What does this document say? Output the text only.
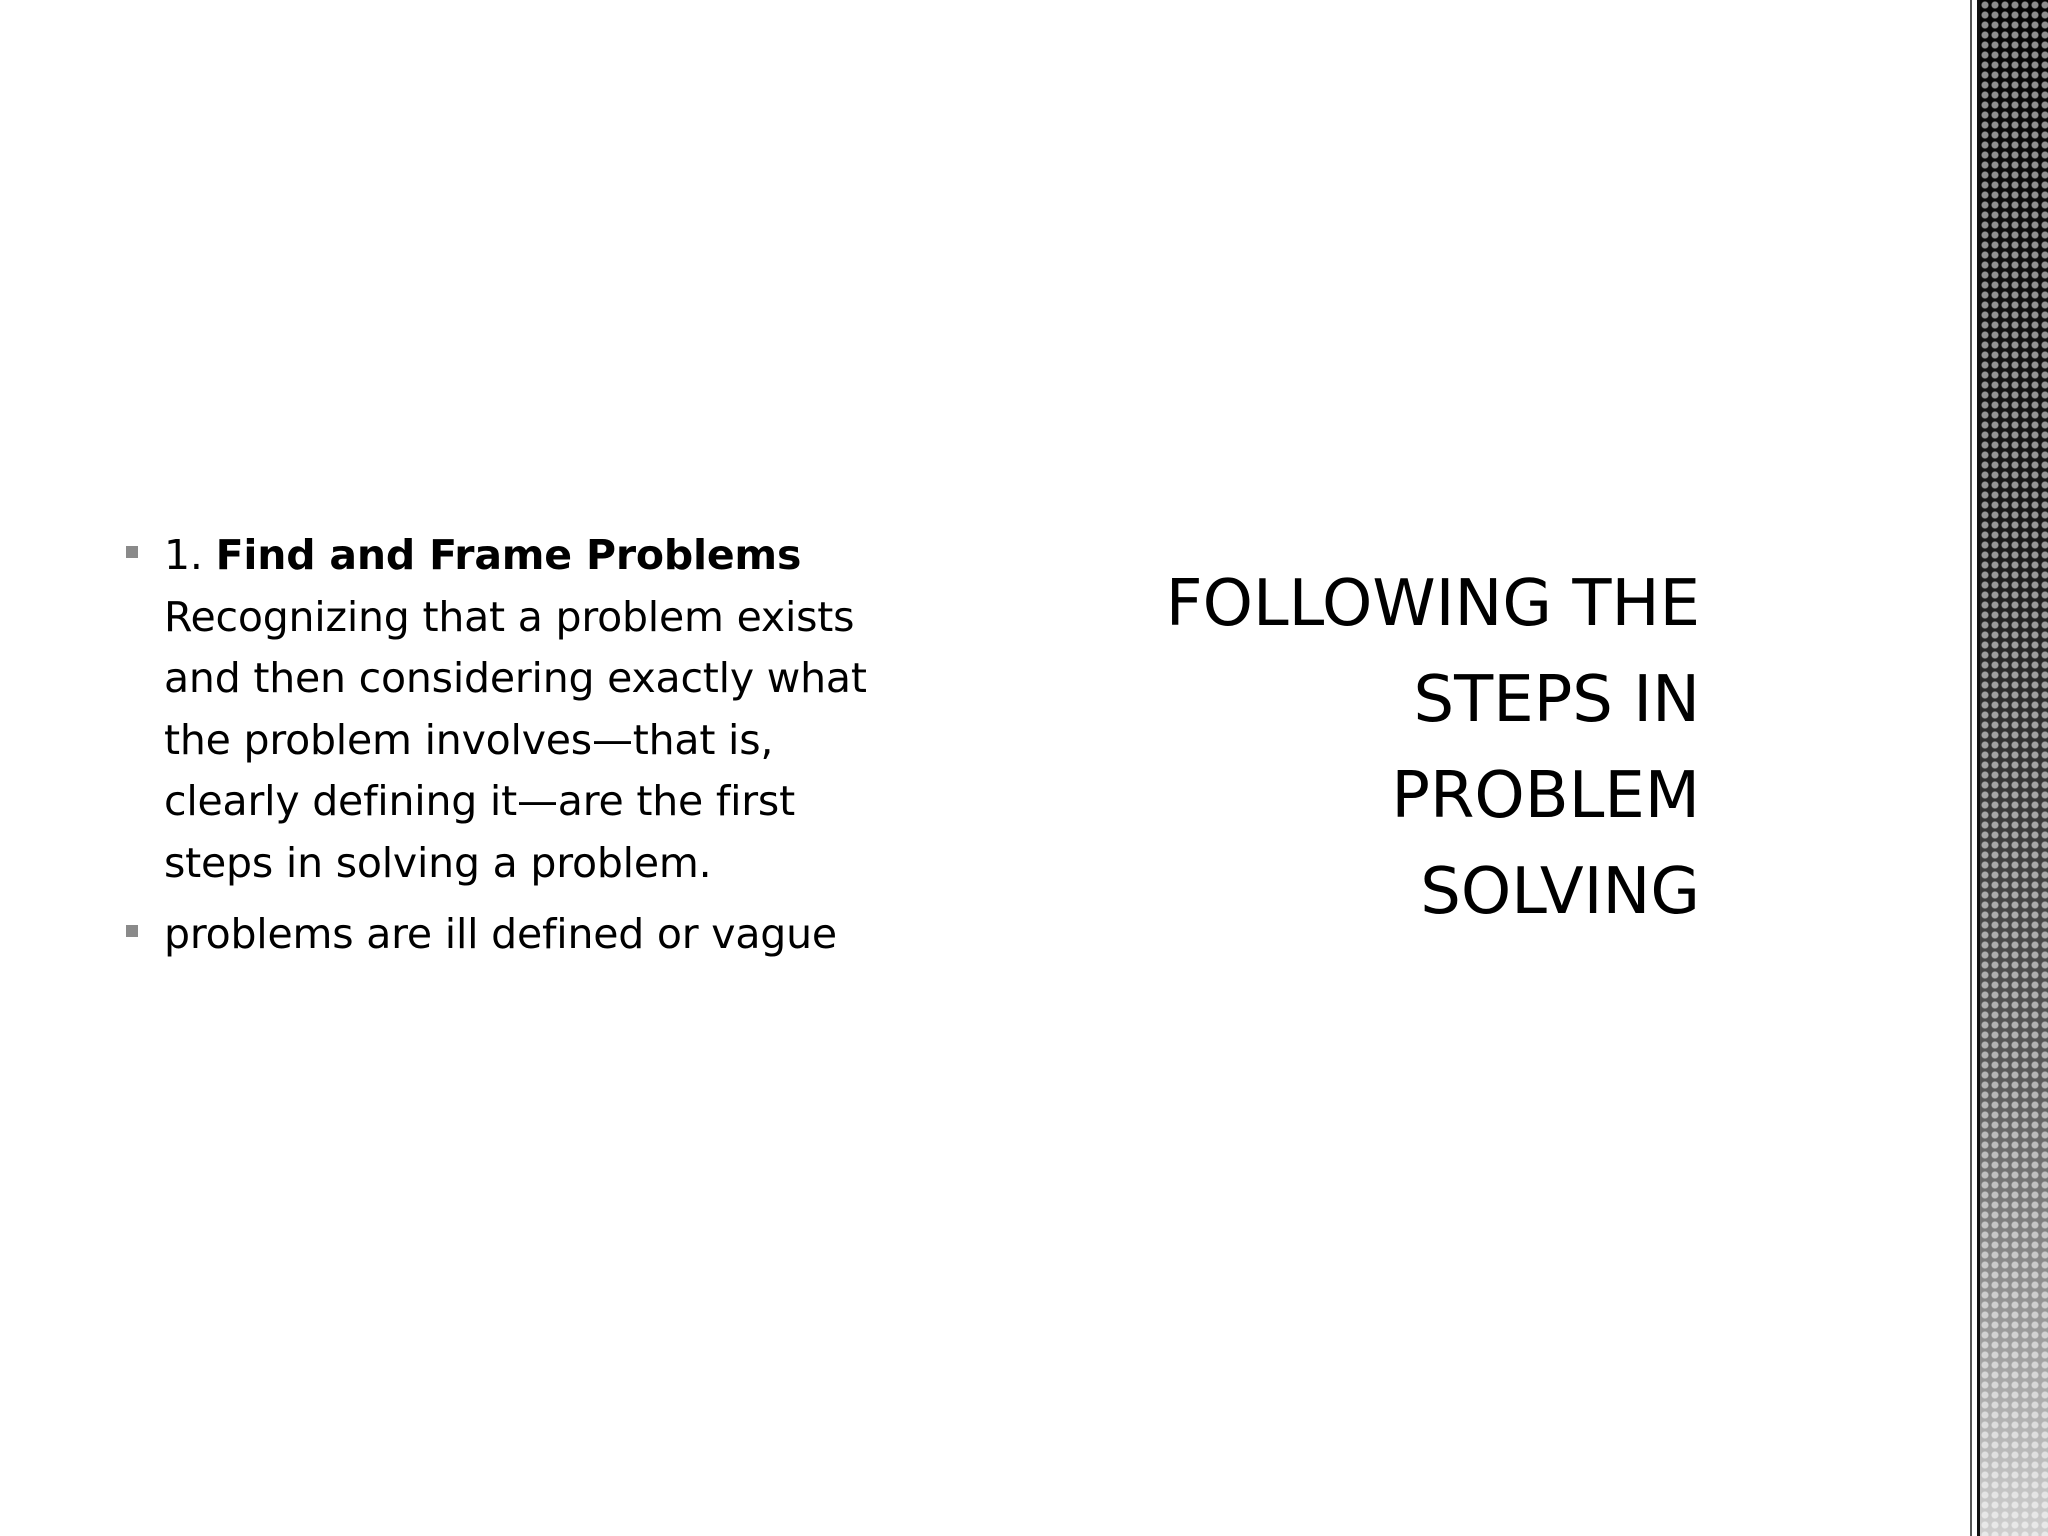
1. Find and Frame Problems
Recognizing that a problem exists
and then considering exactly what
the problem involves—that is,
clearly defining it—are the first
steps in solving a problem.
problems are ill defined or vague
FOLLOWING THE
STEPS IN
PROBLEM
SOLVING
